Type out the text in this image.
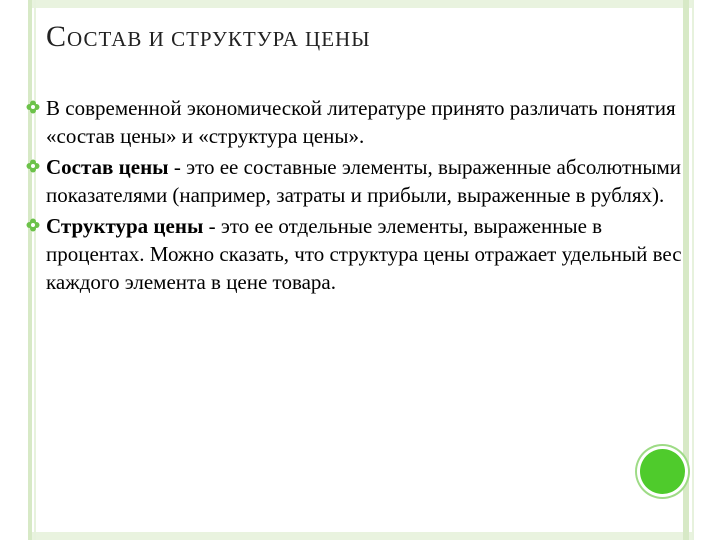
СОСТАВ И СТРУКТУРА ЦЕНЫ
В современной экономической литературе принято различать понятия «состав цены» и «структура цены».
Состав цены - это ее составные элементы, выраженные абсолютными показателями (например, затраты и прибыли, выраженные в рублях).
Структура цены - это ее отдельные элементы, выраженные в процентах. Можно сказать, что структура цены отражает удельный вес каждого элемента в цене товара.
